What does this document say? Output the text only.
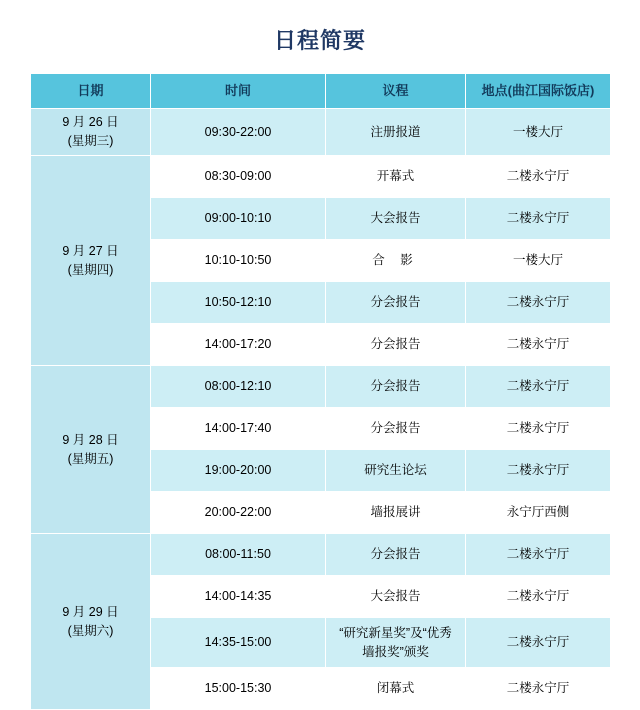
日程简要
日期	时间	议程	地点(曲江国际饭店)

9 月 26 日
(星期三)	09:30-22:00	注册报道	一楼大厅

9 月 27 日
(星期四)	08:30-09:00	开幕式	二楼永宁厅
	09:00-10:10	大会报告	二楼永宁厅
	10:10-10:50	合 影	一楼大厅
	10:50-12:10	分会报告	二楼永宁厅
	14:00-17:20	分会报告	二楼永宁厅

9 月 28 日
(星期五)	08:00-12:10	分会报告	二楼永宁厅
	14:00-17:40	分会报告	二楼永宁厅
	19:00-20:00	研究生论坛	二楼永宁厅
	20:00-22:00	墙报展讲	永宁厅西侧

9 月 29 日
(星期六)	08:00-11:50	分会报告	二楼永宁厅
	14:00-14:35	大会报告	二楼永宁厅
	14:35-15:00	“研究新星奖”及“优秀
墙报奖”颁奖	二楼永宁厅
	15:00-15:30	闭幕式	二楼永宁厅
